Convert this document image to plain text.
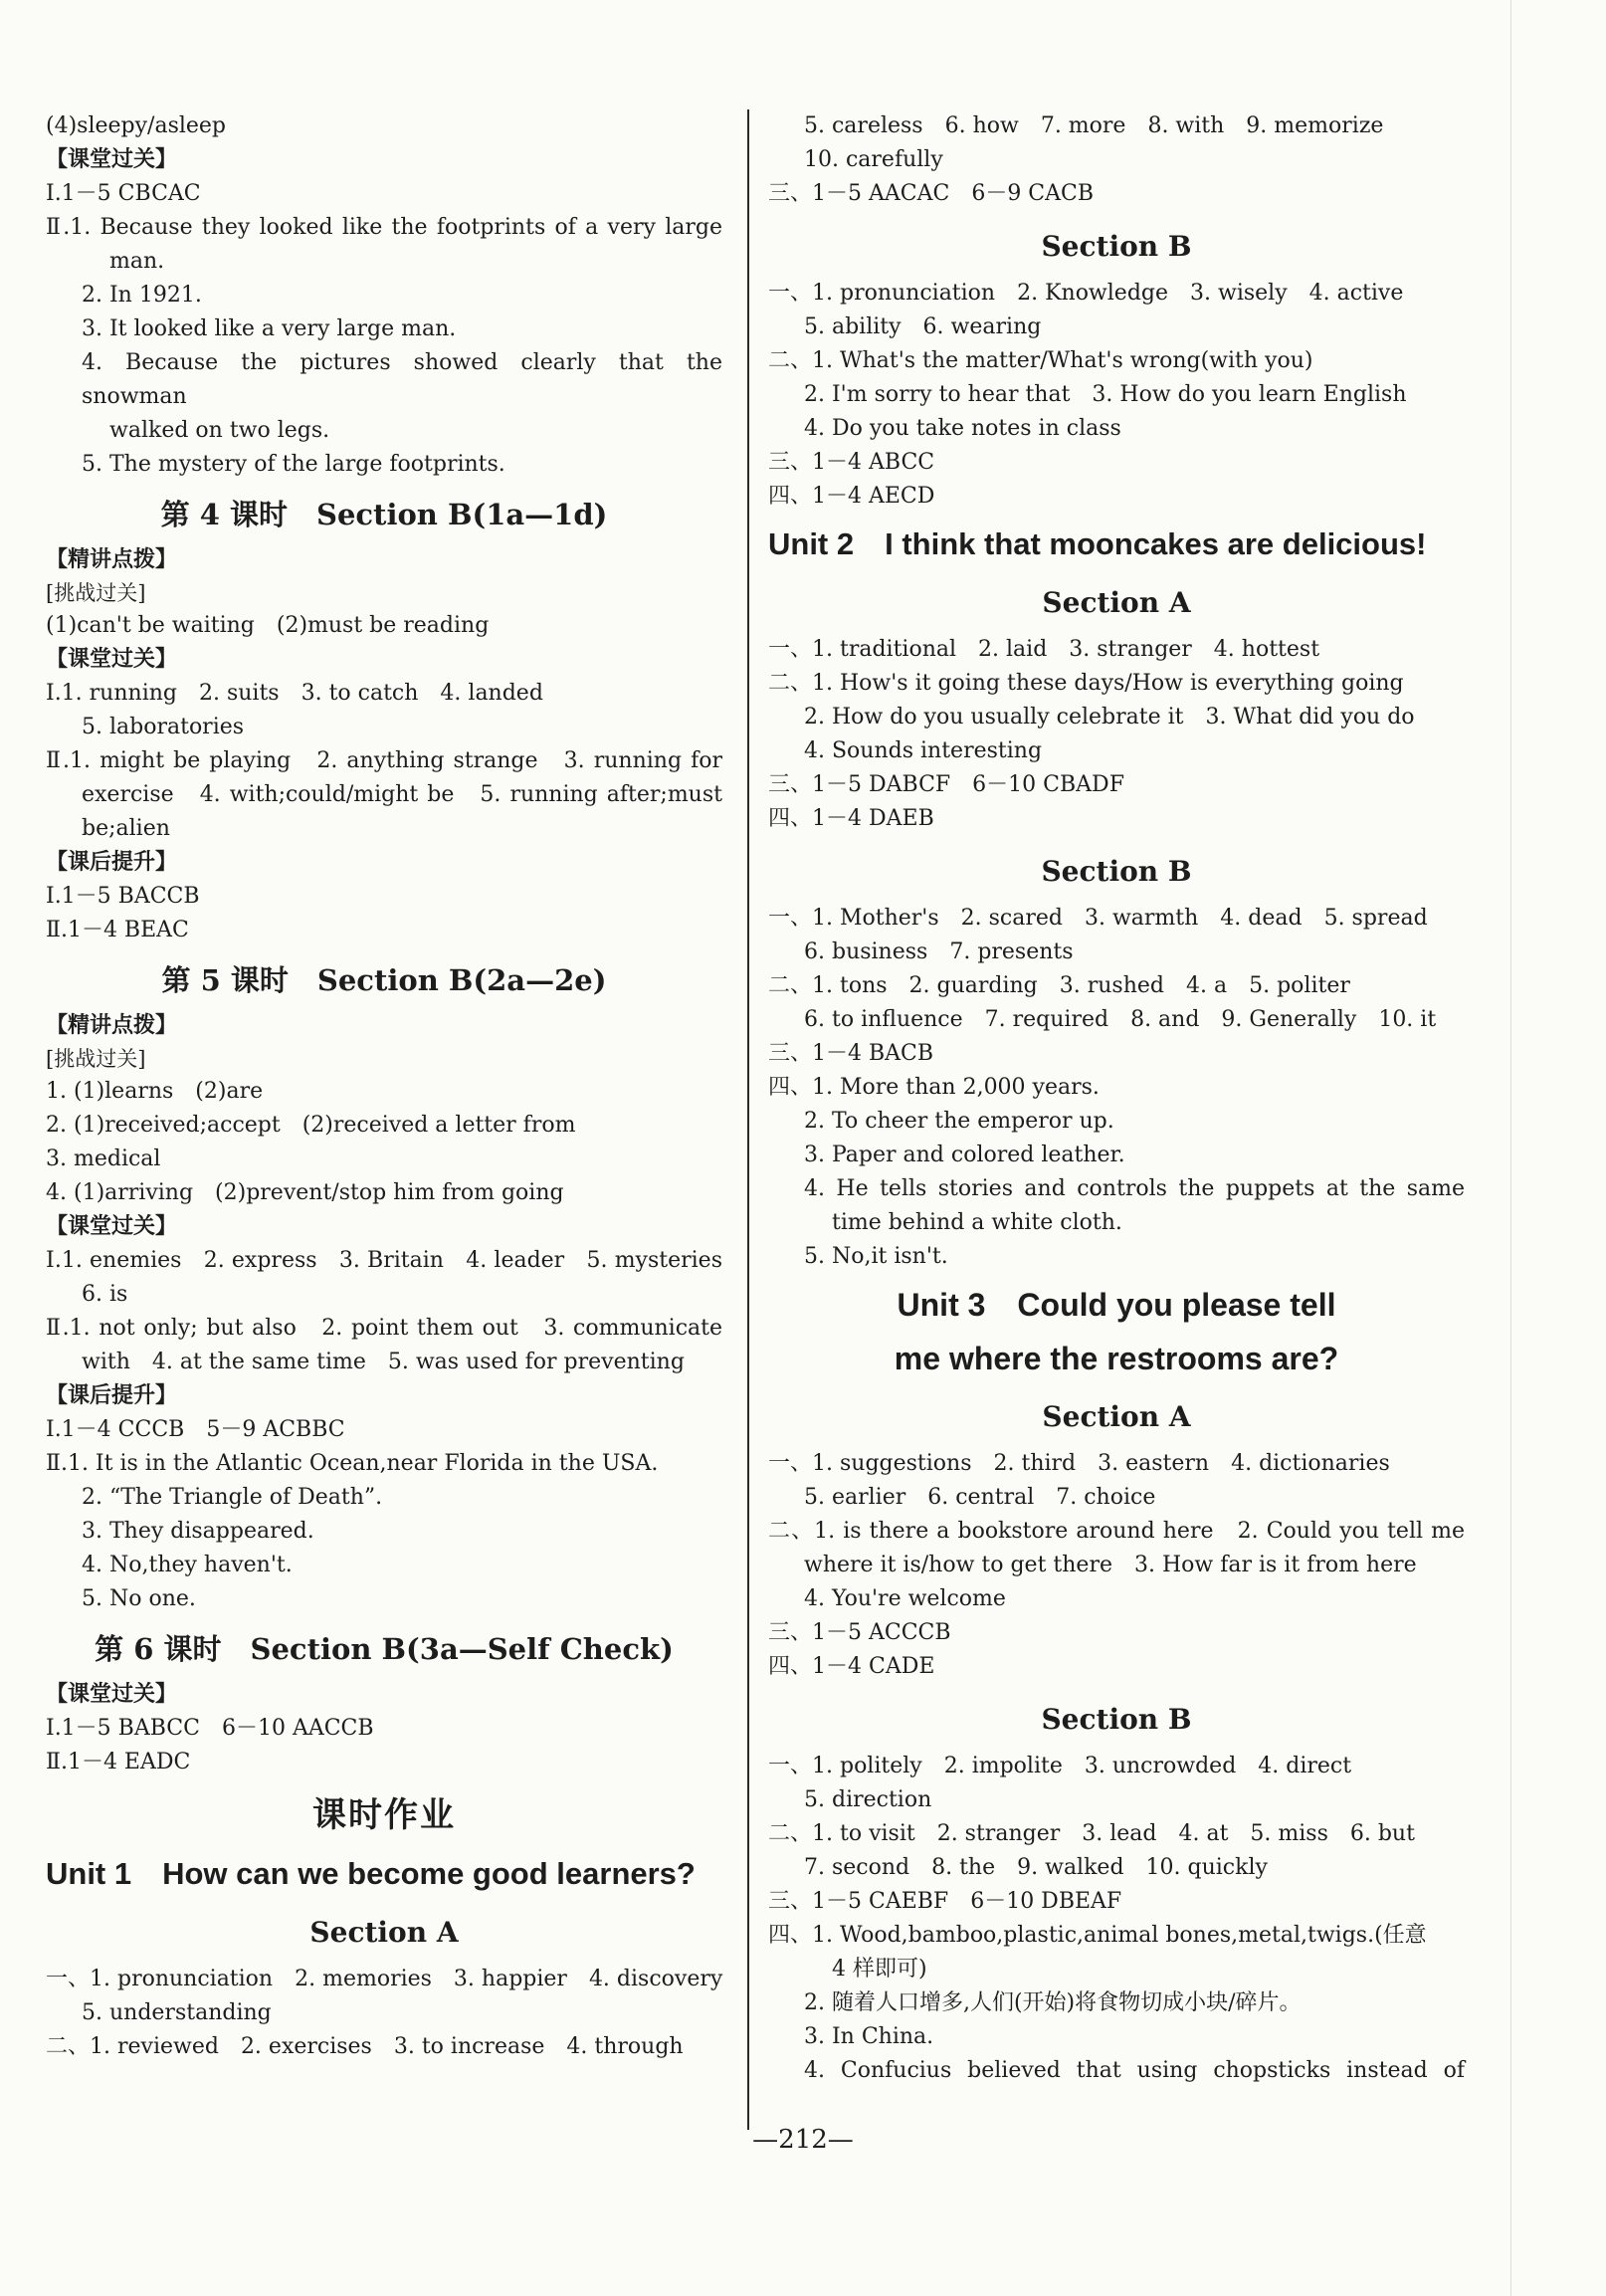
(4)sleepy/asleep
【课堂过关】
Ⅰ.1－5 CBCAC
Ⅱ.1. Because they looked like the footprints of a very large
man.
2. In 1921.
3. It looked like a very large man.
4. Because the pictures showed clearly that the snowman
walked on two legs.
5. The mystery of the large footprints.
第 4 课时　Section B(1a—1d)
【精讲点拨】
[挑战过关]
(1)can't be waiting　(2)must be reading
【课堂过关】
Ⅰ.1. running　2. suits　3. to catch　4. landed
5. laboratories
Ⅱ.1. might be playing　2. anything strange　3. running for
exercise　4. with;could/might be　5. running after;must
be;alien
【课后提升】
Ⅰ.1－5 BACCB
Ⅱ.1－4 BEAC
第 5 课时　Section B(2a—2e)
【精讲点拨】
[挑战过关]
1. (1)learns　(2)are
2. (1)received;accept　(2)received a letter from
3. medical
4. (1)arriving　(2)prevent/stop him from going
【课堂过关】
Ⅰ.1. enemies　2. express　3. Britain　4. leader　5. mysteries
6. is
Ⅱ.1. not only; but also　2. point them out　3. communicate
with　4. at the same time　5. was used for preventing
【课后提升】
Ⅰ.1－4 CCCB　5－9 ACBBC
Ⅱ.1. It is in the Atlantic Ocean,near Florida in the USA.
2. “The Triangle of Death”.
3. They disappeared.
4. No,they haven't.
5. No one.
第 6 课时　Section B(3a—Self Check)
【课堂过关】
Ⅰ.1－5 BABCC　6－10 AACCB
Ⅱ.1－4 EADC
课时作业
Unit 1　How can we become good learners?
Section A
一、1. pronunciation　2. memories　3. happier　4. discovery
5. understanding
二、1. reviewed　2. exercises　3. to increase　4. through
5. careless　6. how　7. more　8. with　9. memorize
10. carefully
三、1－5 AACAC　6－9 CACB
Section B
一、1. pronunciation　2. Knowledge　3. wisely　4. active
5. ability　6. wearing
二、1. What's the matter/What's wrong(with you)
2. I'm sorry to hear that　3. How do you learn English
4. Do you take notes in class
三、1－4 ABCC
四、1－4 AECD
Unit 2　I think that mooncakes are delicious!
Section A
一、1. traditional　2. laid　3. stranger　4. hottest
二、1. How's it going these days/How is everything going
2. How do you usually celebrate it　3. What did you do
4. Sounds interesting
三、1－5 DABCF　6－10 CBADF
四、1－4 DAEB
Section B
一、1. Mother's　2. scared　3. warmth　4. dead　5. spread
6. business　7. presents
二、1. tons　2. guarding　3. rushed　4. a　5. politer
6. to influence　7. required　8. and　9. Generally　10. it
三、1－4 BACB
四、1. More than 2,000 years.
2. To cheer the emperor up.
3. Paper and colored leather.
4. He tells stories and controls the puppets at the same
time behind a white cloth.
5. No,it isn't.
Unit 3　Could you please tell
me where the restrooms are?
Section A
一、1. suggestions　2. third　3. eastern　4. dictionaries
5. earlier　6. central　7. choice
二、1. is there a bookstore around here　2. Could you tell me
where it is/how to get there　3. How far is it from here
4. You're welcome
三、1－5 ACCCB
四、1－4 CADE
Section B
一、1. politely　2. impolite　3. uncrowded　4. direct
5. direction
二、1. to visit　2. stranger　3. lead　4. at　5. miss　6. but
7. second　8. the　9. walked　10. quickly
三、1－5 CAEBF　6－10 DBEAF
四、1. Wood,bamboo,plastic,animal bones,metal,twigs.(任意
4 样即可)
2. 随着人口增多,人们(开始)将食物切成小块/碎片。
3. In China.
4. Confucius believed that using chopsticks instead of
—212—
